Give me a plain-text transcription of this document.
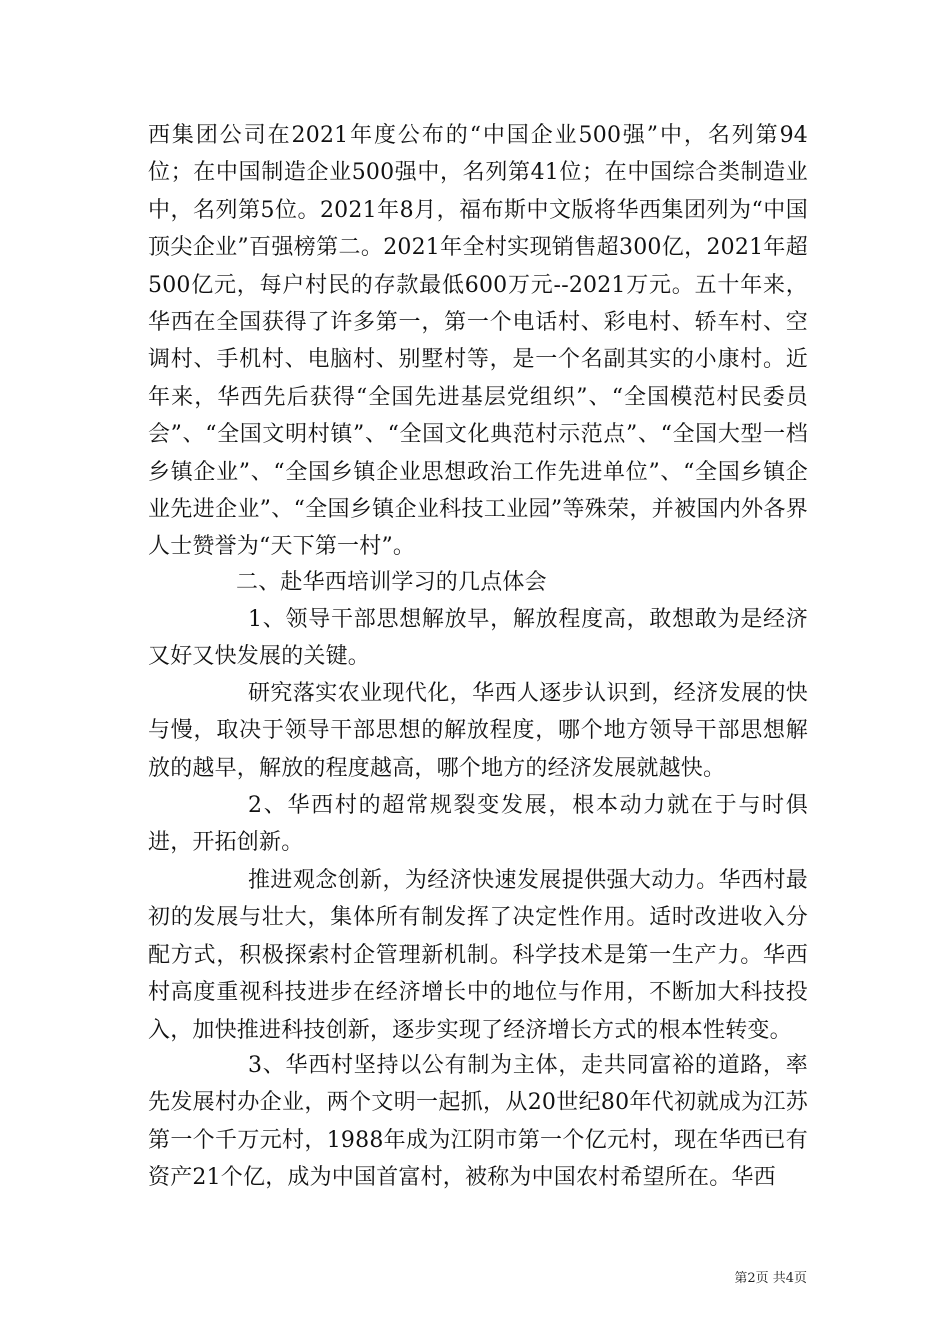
西集团公司在2021年度公布的“中国企业500强”中，名列第94位；在中国制造企业500强中，名列第41位；在中国综合类制造业中，名列第5位。2021年8月，福布斯中文版将华西集团列为“中国顶尖企业”百强榜第二。2021年全村实现销售超300亿，2021年超500亿元，每户村民的存款最低600万元--2021万元。五十年来，华西在全国获得了许多第一，第一个电话村、彩电村、轿车村、空调村、手机村、电脑村、别墅村等，是一个名副其实的小康村。近年来，华西先后获得“全国先进基层党组织”、“全国模范村民委员会”、“全国文明村镇”、“全国文化典范村示范点”、“全国大型一档乡镇企业”、“全国乡镇企业思想政治工作先进单位”、“全国乡镇企业先进企业”、“全国乡镇企业科技工业园”等殊荣，并被国内外各界人士赞誉为“天下第一村”。

二、赴华西培训学习的几点体会

1、领导干部思想解放早，解放程度高，敢想敢为是经济又好又快发展的关键。

研究落实农业现代化，华西人逐步认识到，经济发展的快与慢，取决于领导干部思想的解放程度，哪个地方领导干部思想解放的越早，解放的程度越高，哪个地方的经济发展就越快。

2、华西村的超常规裂变发展，根本动力就在于与时俱进，开拓创新。

推进观念创新，为经济快速发展提供强大动力。华西村最初的发展与壮大，集体所有制发挥了决定性作用。适时改进收入分配方式，积极探索村企管理新机制。科学技术是第一生产力。华西村高度重视科技进步在经济增长中的地位与作用，不断加大科技投入，加快推进科技创新，逐步实现了经济增长方式的根本性转变。

3、华西村坚持以公有制为主体，走共同富裕的道路，率先发展村办企业，两个文明一起抓，从20世纪80年代初就成为江苏第一个千万元村，1988年成为江阴市第一个亿元村，现在华西已有资产21个亿，成为中国首富村，被称为中国农村希望所在。华西

第2页 共4页
